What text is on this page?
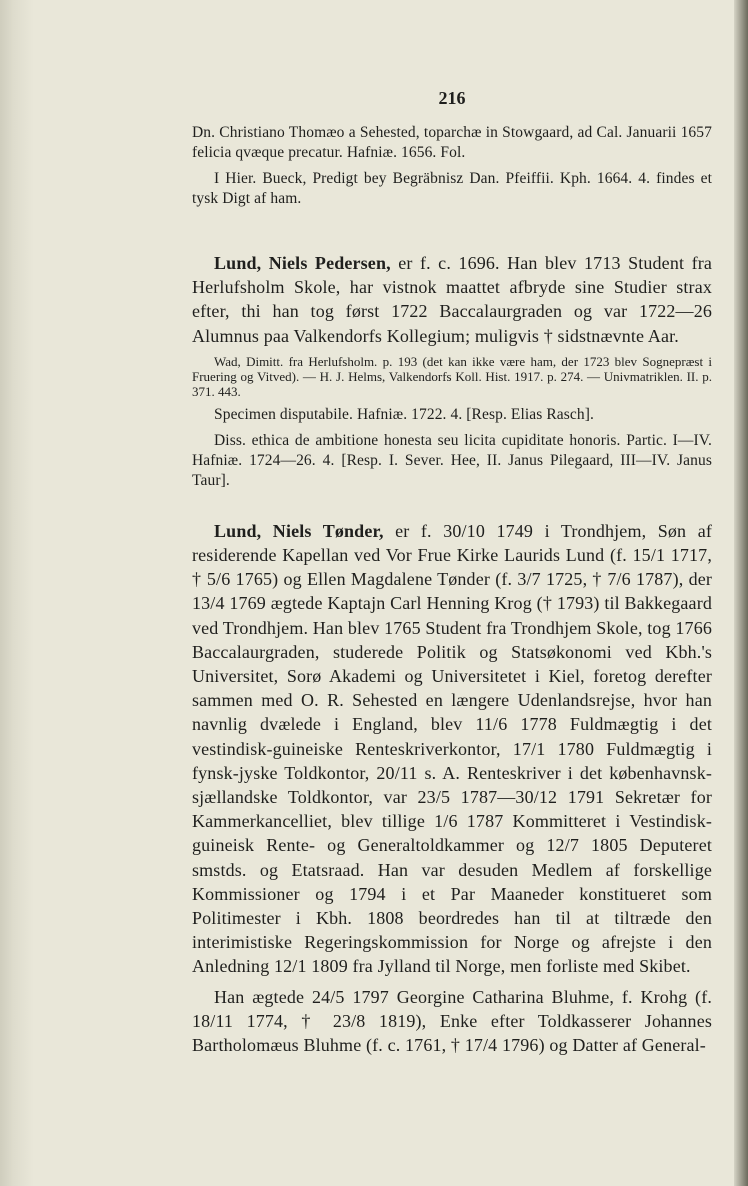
216

Dn. Christiano Thomæo a Sehested, toparchæ in Stowgaard, ad Cal. Januarii 1657 felicia qvæque precatur. Hafniæ. 1656. Fol.

I Hier. Bueck, Predigt bey Begräbnisz Dan. Pfeiffii. Kph. 1664. 4. findes et tysk Digt af ham.

Lund, Niels Pedersen, er f. c. 1696. Han blev 1713 Student fra Herlufsholm Skole, har vistnok maattet afbryde sine Studier strax efter, thi han tog først 1722 Baccalaurgraden og var 1722—26 Alumnus paa Valkendorfs Kollegium; muligvis † sidstnævnte Aar.

Wad, Dimitt. fra Herlufsholm. p. 193 (det kan ikke være ham, der 1723 blev Sognepræst i Fruering og Vitved). — H. J. Helms, Valkendorfs Koll. Hist. 1917. p. 274. — Univmatriklen. II. p. 371. 443.

Specimen disputabile. Hafniæ. 1722. 4. [Resp. Elias Rasch].

Diss. ethica de ambitione honesta seu licita cupiditate honoris. Partic. I—IV. Hafniæ. 1724—26. 4. [Resp. I. Sever. Hee, II. Janus Pilegaard, III—IV. Janus Taur].

Lund, Niels Tønder, er f. 30/10 1749 i Trondhjem, Søn af residerende Kapellan ved Vor Frue Kirke Laurids Lund (f. 15/1 1717, † 5/6 1765) og Ellen Magdalene Tønder (f. 3/7 1725, † 7/6 1787), der 13/4 1769 ægtede Kaptajn Carl Henning Krog († 1793) til Bakkegaard ved Trondhjem. Han blev 1765 Student fra Trondhjem Skole, tog 1766 Baccalaurgraden, studerede Politik og Statsøkonomi ved Kbh.'s Universitet, Sorø Akademi og Universitetet i Kiel, foretog derefter sammen med O. R. Sehested en længere Udenlandsrejse, hvor han navnlig dvælede i England, blev 11/6 1778 Fuldmægtig i det vestindisk-guineiske Renteskriverkontor, 17/1 1780 Fuldmægtig i fynsk-jyske Toldkontor, 20/11 s. A. Renteskriver i det københavnsk-sjællandske Toldkontor, var 23/5 1787—30/12 1791 Sekretær for Kammerkancelliet, blev tillige 1/6 1787 Kommitteret i Vestindisk-guineisk Rente- og Generaltoldkammer og 12/7 1805 Deputeret smstds. og Etatsraad. Han var desuden Medlem af forskellige Kommissioner og 1794 i et Par Maaneder konstitueret som Politimester i Kbh. 1808 beordredes han til at tiltræde den interimistiske Regeringskommission for Norge og afrejste i den Anledning 12/1 1809 fra Jylland til Norge, men forliste med Skibet.

Han ægtede 24/5 1797 Georgine Catharina Bluhme, f. Krohg (f. 18/11 1774, † 23/8 1819), Enke efter Toldkasserer Johannes Bartholomæus Bluhme (f. c. 1761, † 17/4 1796) og Datter af General-
